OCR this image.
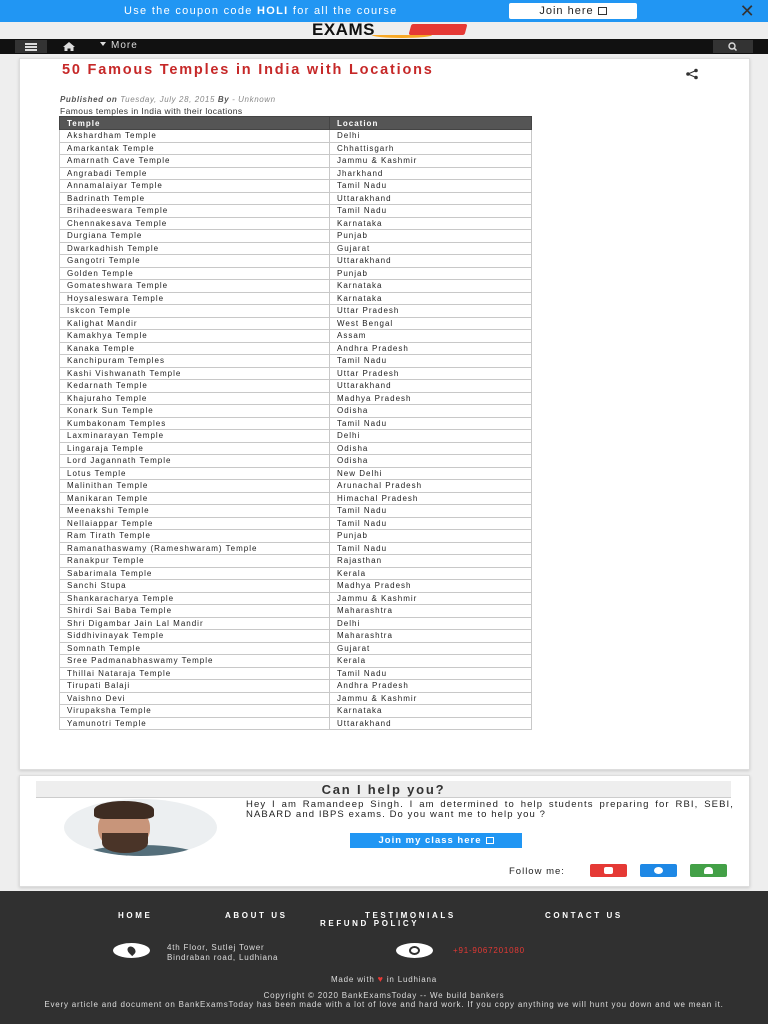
Use the coupon code HOLI for all the course	Join here	✕
EXAMS
More
50 Famous Temples in India with Locations
Published on Tuesday, July 28, 2015 By - Unknown
Famous temples in India with their locations
Temple	Location
Akshardham Temple	Delhi
Amarkantak Temple	Chhattisgarh
Amarnath Cave Temple	Jammu & Kashmir
Angrabadi Temple	Jharkhand
Annamalaiyar Temple	Tamil Nadu
Badrinath Temple	Uttarakhand
Brihadeeswara Temple	Tamil Nadu
Chennakesava Temple	Karnataka
Durgiana Temple	Punjab
Dwarkadhish Temple	Gujarat
Gangotri Temple	Uttarakhand
Golden Temple	Punjab
Gomateshwara Temple	Karnataka
Hoysaleswara Temple	Karnataka
Iskcon Temple	Uttar Pradesh
Kalighat Mandir	West Bengal
Kamakhya Temple	Assam
Kanaka Temple	Andhra Pradesh
Kanchipuram Temples	Tamil Nadu
Kashi Vishwanath Temple	Uttar Pradesh
Kedarnath Temple	Uttarakhand
Khajuraho Temple	Madhya Pradesh
Konark Sun Temple	Odisha
Kumbakonam Temples	Tamil Nadu
Laxminarayan Temple	Delhi
Lingaraja Temple	Odisha
Lord Jagannath Temple	Odisha
Lotus Temple	New Delhi
Malinithan Temple	Arunachal Pradesh
Manikaran Temple	Himachal Pradesh
Meenakshi Temple	Tamil Nadu
Nellaiappar Temple	Tamil Nadu
Ram Tirath Temple	Punjab
Ramanathaswamy (Rameshwaram) Temple	Tamil Nadu
Ranakpur Temple	Rajasthan
Sabarimala Temple	Kerala
Sanchi Stupa	Madhya Pradesh
Shankaracharya Temple	Jammu & Kashmir
Shirdi Sai Baba Temple	Maharashtra
Shri Digambar Jain Lal Mandir	Delhi
Siddhivinayak Temple	Maharashtra
Somnath Temple	Gujarat
Sree Padmanabhaswamy Temple	Kerala
Thillai Nataraja Temple	Tamil Nadu
Tirupati Balaji	Andhra Pradesh
Vaishno Devi	Jammu & Kashmir
Virupaksha Temple	Karnataka
Yamunotri Temple	Uttarakhand
Can I help you?
Hey I am Ramandeep Singh. I am determined to help students preparing for RBI, SEBI, NABARD and IBPS exams. Do you want me to help you ?
Join my class here
Follow me:
HOME	ABOUT US	TESTIMONIALS	CONTACT US
REFUND POLICY
4th Floor, Sutlej Tower
Bindraban road, Ludhiana
+91-9067201080
Made with ♥ in Ludhiana
Copyright © 2020 BankExamsToday -- We build bankers
Every article and document on BankExamsToday has been made with a lot of love and hard work. If you copy anything we will hunt you down and we mean it.
